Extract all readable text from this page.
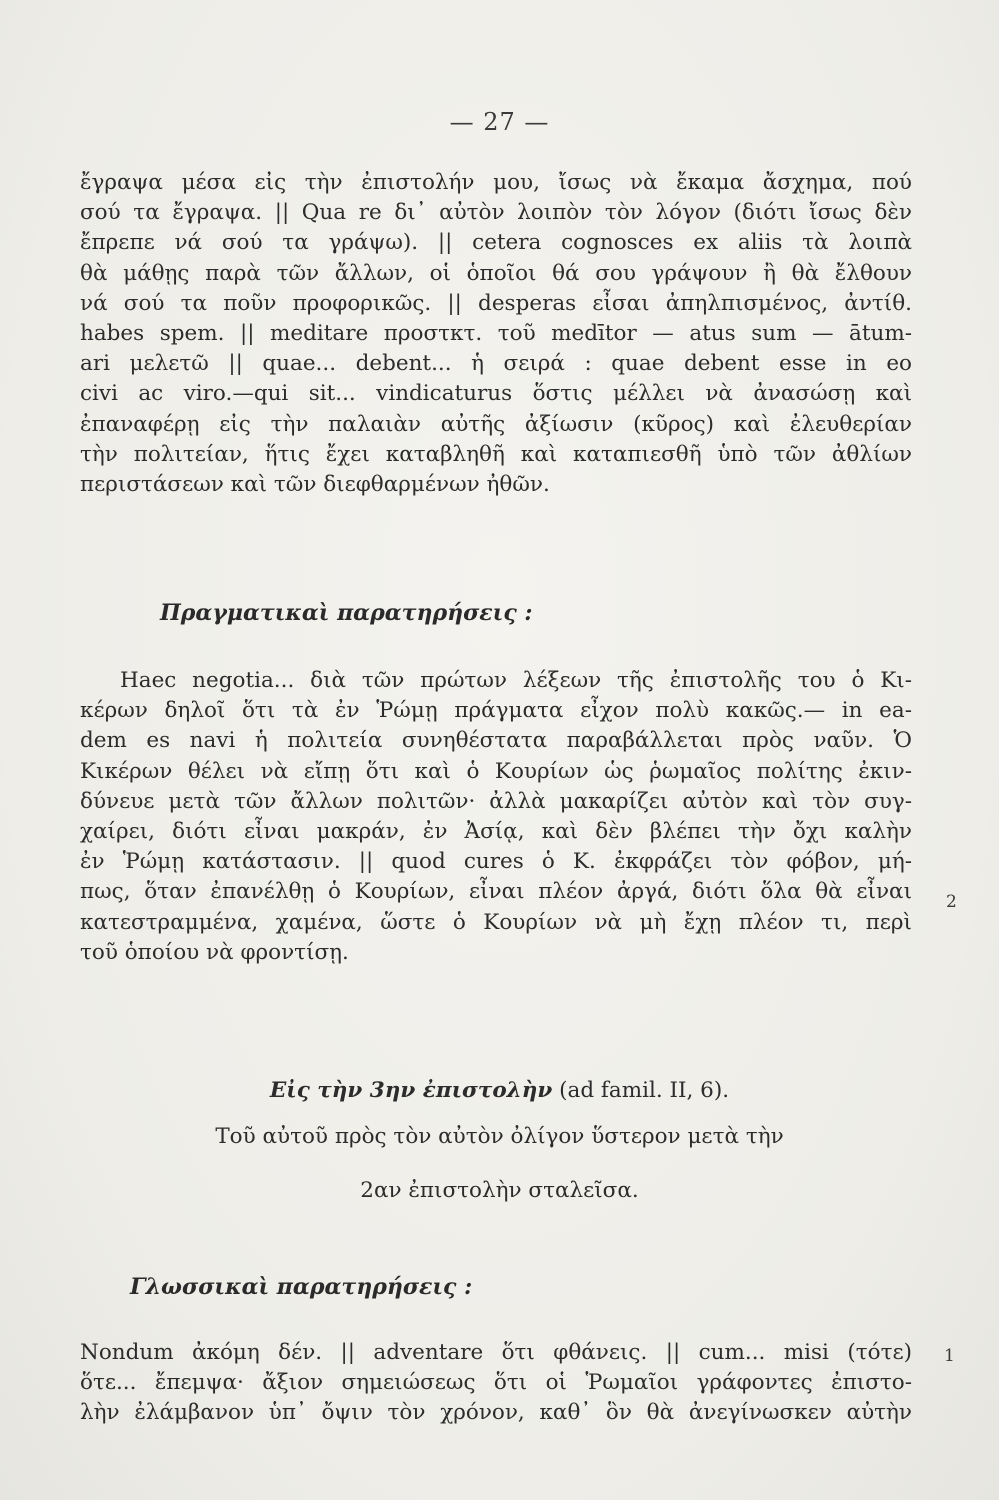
— 27 —
ἔγραψα μέσα εἰς τὴν ἐπιστολήν μου, ἴσως νὰ ἔκαμα ἄσχημα, πού
σού τα ἔγραψα. || Qua re δι᾽ αὐτὸν λοιπὸν τὸν λόγον (διότι ἴσως δὲν
ἔπρεπε νά σού τα γράψω). || cetera cognosces ex aliis τὰ λοιπὰ
θὰ μάθῃς παρὰ τῶν ἄλλων, οἱ ὁποῖοι θά σου γράψουν ἢ θὰ ἔλθουν
νά σού τα ποῦν προφορικῶς. || desperas εἶσαι ἀπηλπισμένος, ἀντίθ.
habes spem. || meditare προστκτ. τοῦ medītor — atus sum — ātum-
ari μελετῶ || quae... debent... ἡ σειρά : quae debent esse in eo
civi ac viro.—qui sit... vindicaturus ὅστις μέλλει νὰ ἀνασώσῃ καὶ
ἐπαναφέρῃ εἰς τὴν παλαιὰν αὐτῆς ἀξίωσιν (κῦρος) καὶ ἐλευθερίαν
τὴν πολιτείαν, ἥτις ἔχει καταβληθῆ καὶ καταπιεσθῆ ὑπὸ τῶν ἀθλίων
περιστάσεων καὶ τῶν διεφθαρμένων ἠθῶν.
Πραγματικαὶ παρατηρήσεις :
Haec negotia... διὰ τῶν πρώτων λέξεων τῆς ἐπιστολῆς του ὁ Κι-
κέρων δηλοῖ ὅτι τὰ ἐν Ῥώμῃ πράγματα εἶχον πολὺ κακῶς.— in ea-
dem es navi ἡ πολιτεία συνηθέστατα παραβάλλεται πρὸς ναῦν. Ὁ
Κικέρων θέλει νὰ εἴπῃ ὅτι καὶ ὁ Κουρίων ὡς ῥωμαῖος πολίτης ἐκιν-
δύνευε μετὰ τῶν ἄλλων πολιτῶν· ἀλλὰ μακαρίζει αὐτὸν καὶ τὸν συγ-
χαίρει, διότι εἶναι μακράν, ἐν Ἀσίᾳ, καὶ δὲν βλέπει τὴν ὄχι καλὴν
ἐν Ῥώμῃ κατάστασιν. || quod cures ὁ Κ. ἐκφράζει τὸν φόβον, μή-
πως, ὅταν ἐπανέλθῃ ὁ Κουρίων, εἶναι πλέον ἀργά, διότι ὅλα θὰ εἶναι
κατεστραμμένα, χαμένα, ὥστε ὁ Κουρίων νὰ μὴ ἔχῃ πλέον τι, περὶ
τοῦ ὁποίου νὰ φροντίσῃ.
2
Εἰς τὴν 3ην ἐπιστολὴν (ad famil. II, 6).
Τοῦ αὐτοῦ πρὸς τὸν αὐτὸν ὀλίγον ὕστερον μετὰ τὴν
2αν ἐπιστολὴν σταλεῖσα.
Γλωσσικαὶ παρατηρήσεις :
Nondum ἀκόμη δέν. || adventare ὅτι φθάνεις. || cum... misi (τότε)
ὅτε... ἔπεμψα· ἄξιον σημειώσεως ὅτι οἱ Ῥωμαῖοι γράφοντες ἐπιστο-
λὴν ἐλάμβανον ὑπ᾽ ὄψιν τὸν χρόνον, καθ᾽ ὃν θὰ ἀνεγίνωσκεν αὐτὴν
1
